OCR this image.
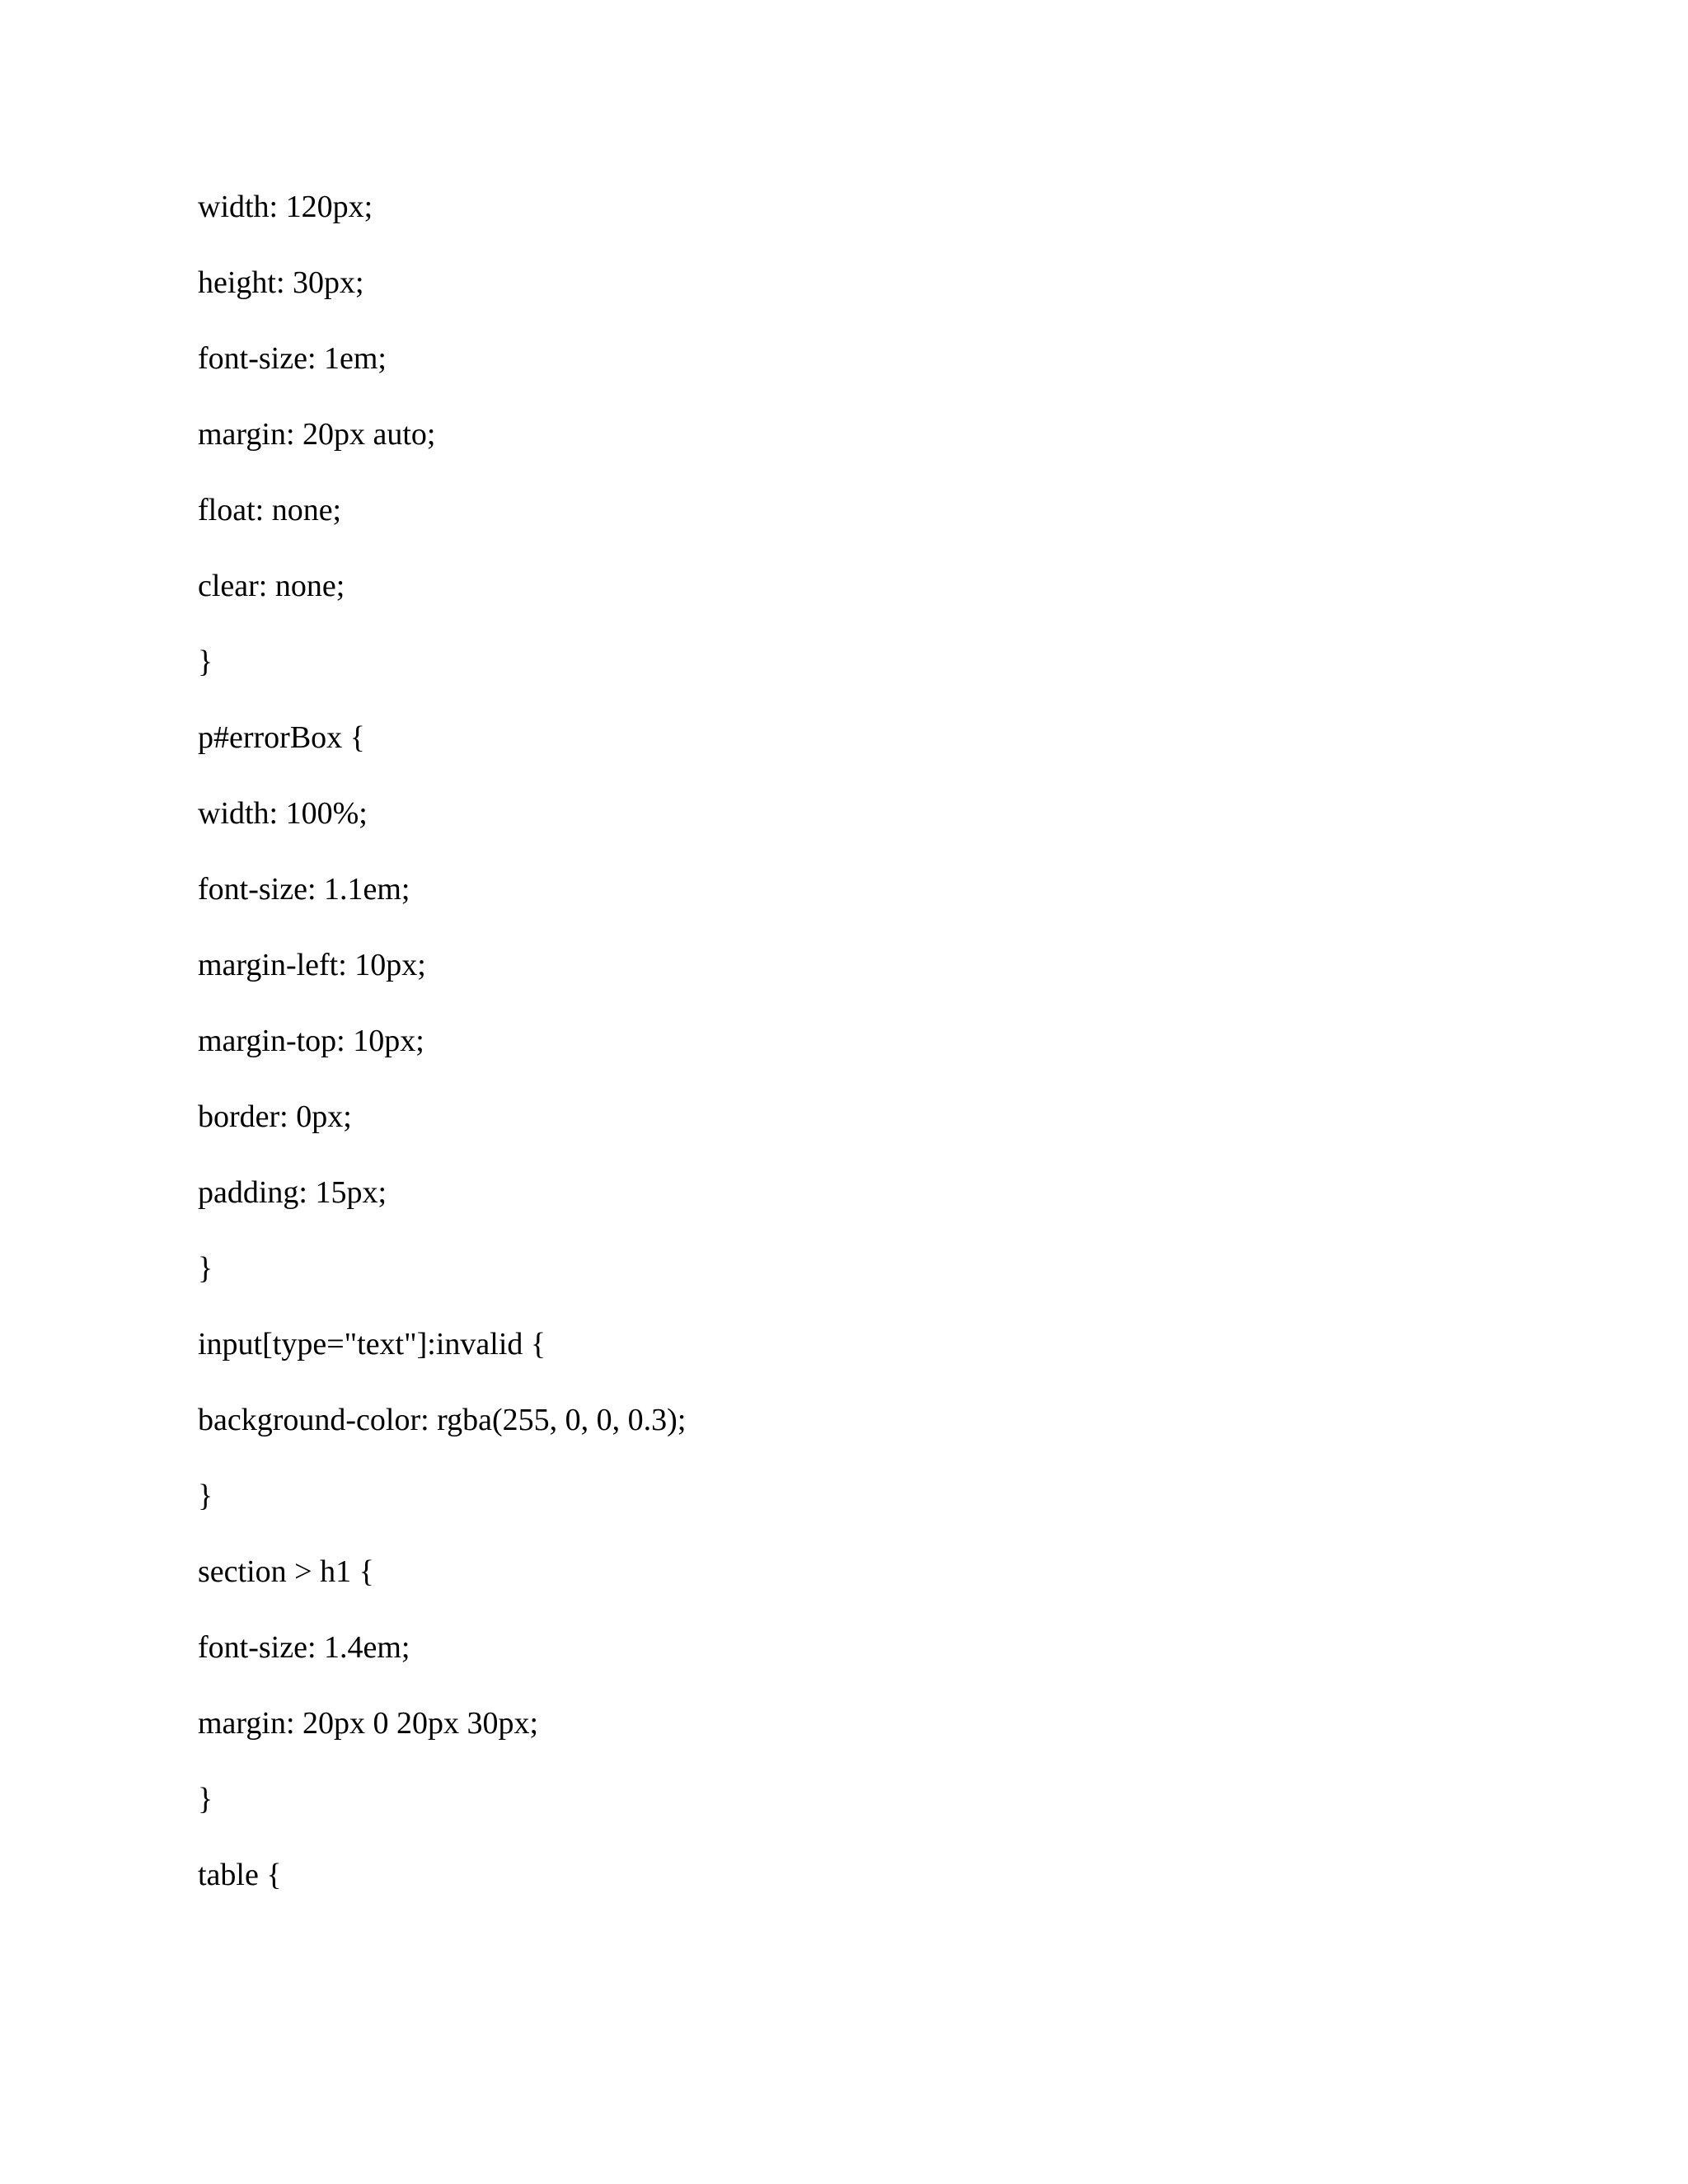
width: 120px;
height: 30px;
font-size: 1em;
margin: 20px auto;
float: none;
clear: none;
}
p#errorBox {
width: 100%;
font-size: 1.1em;
margin-left: 10px;
margin-top: 10px;
border: 0px;
padding: 15px;
}
input[type="text"]:invalid {
background-color: rgba(255, 0, 0, 0.3);
}
section > h1 {
font-size: 1.4em;
margin: 20px 0 20px 30px;
}
table {
